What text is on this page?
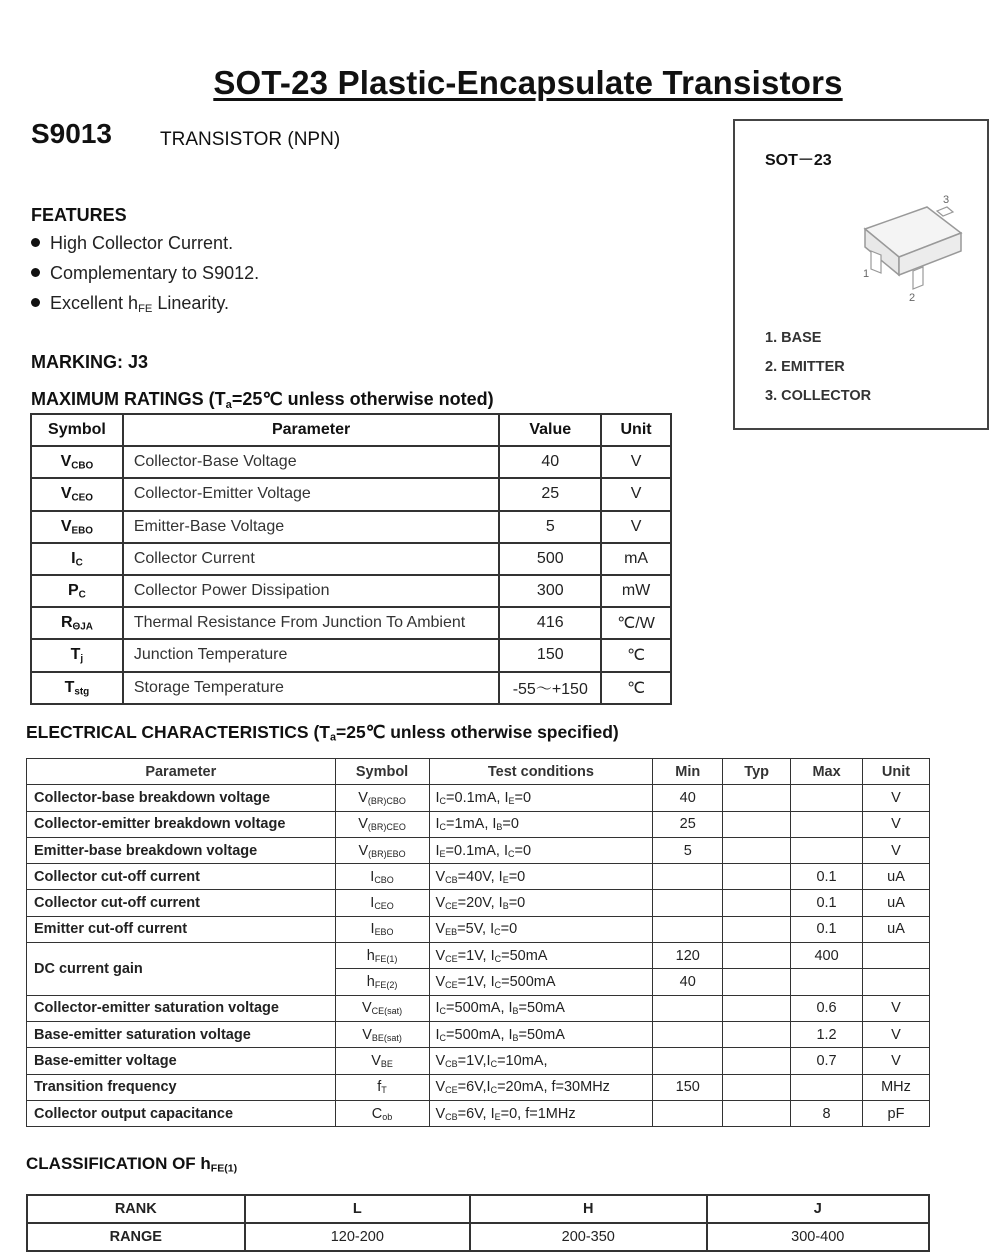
SOT-23 Plastic-Encapsulate Transistors
S9013	TRANSISTOR (NPN)
FEATURES
High Collector Current.
Complementary to S9012.
Excellent $h_{FE}$ Linearity.
MARKING: J3
MAXIMUM RATINGS ($T_a=25℃$ unless otherwise noted)
SOT－23
3
1
2
1. BASE
2. EMITTER
3. COLLECTOR
Symbol	Parameter	Value	Unit
$V_{CBO}$	Collector-Base Voltage	40	V
$V_{CEO}$	Collector-Emitter Voltage	25	V
$V_{EBO}$	Emitter-Base Voltage	5	V
$I_C$	Collector Current	500	mA
$P_C$	Collector Power Dissipation	300	mW
$R_{\Theta JA}$	Thermal Resistance From Junction To Ambient	416	℃/W
$T_j$	Junction Temperature	150	℃
$T_{stg}$	Storage Temperature	-55～+150	℃
ELECTRICAL CHARACTERISTICS ($T_a=25℃$ unless otherwise specified)
Parameter	Symbol	Test conditions	Min	Typ	Max	Unit
Collector-base breakdown voltage	$V_{(BR)CBO}$	$I_C=0.1mA$, $I_E=0$	40			V
Collector-emitter breakdown voltage	$V_{(BR)CEO}$	$I_C=1mA$, $I_B=0$	25			V
Emitter-base breakdown voltage	$V_{(BR)EBO}$	$I_E=0.1mA$, $I_C=0$	5			V
Collector cut-off current	$I_{CBO}$	$V_{CB}=40V$, $I_E=0$			0.1	uA
Collector cut-off current	$I_{CEO}$	$V_{CE}=20V$, $I_B=0$			0.1	uA
Emitter cut-off current	$I_{EBO}$	$V_{EB}=5V$, $I_C=0$			0.1	uA
DC current gain	$h_{FE(1)}$	$V_{CE}=1V$, $I_C=50mA$	120		400	
	$h_{FE(2)}$	$V_{CE}=1V$, $I_C=500mA$	40			
Collector-emitter saturation voltage	$V_{CE(sat)}$	$I_C=500mA$, $I_B=50mA$			0.6	V
Base-emitter saturation voltage	$V_{BE(sat)}$	$I_C=500mA$, $I_B=50mA$			1.2	V
Base-emitter voltage	$V_{BE}$	$V_{CB}=1V,I_C=10mA$,			0.7	V
Transition frequency	$f_T$	$V_{CE}=6V,I_C=20mA$, f=30MHz	150			MHz
Collector output capacitance	$C_{ob}$	$V_{CB}=6V$, $I_E=0$, f=1MHz			8	pF
CLASSIFICATION OF $h_{FE(1)}$
RANK	L	H	J
RANGE	120-200	200-350	300-400
